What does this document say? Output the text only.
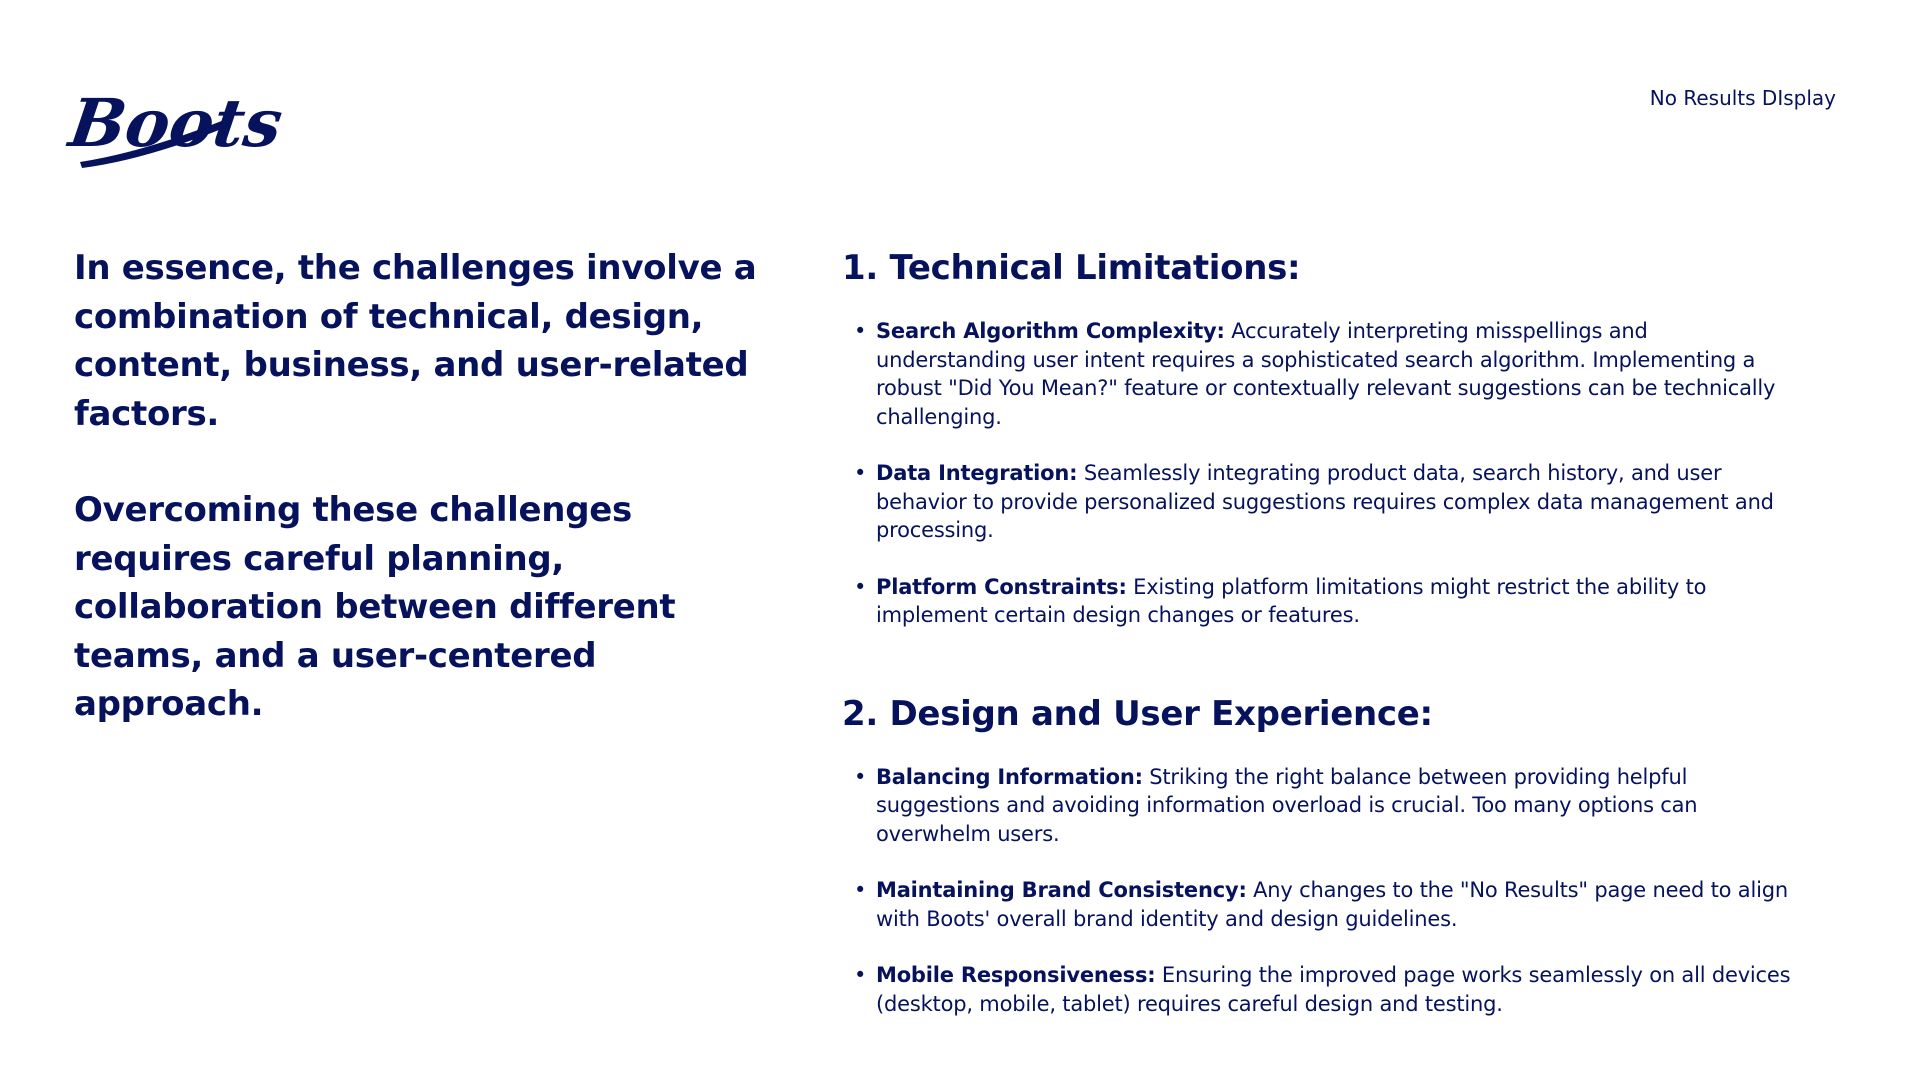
Boots	No Results DIsplay

In essence, the challenges involve a combination of technical, design, content, business, and user-related factors.

Overcoming these challenges requires careful planning, collaboration between different teams, and a user-centered approach.

1. Technical Limitations:
• Search Algorithm Complexity: Accurately interpreting misspellings and understanding user intent requires a sophisticated search algorithm. Implementing a robust "Did You Mean?" feature or contextually relevant suggestions can be technically challenging.
• Data Integration: Seamlessly integrating product data, search history, and user behavior to provide personalized suggestions requires complex data management and processing.
• Platform Constraints: Existing platform limitations might restrict the ability to implement certain design changes or features.
2. Design and User Experience:
• Balancing Information: Striking the right balance between providing helpful suggestions and avoiding information overload is crucial. Too many options can overwhelm users.
• Maintaining Brand Consistency: Any changes to the "No Results" page need to align with Boots' overall brand identity and design guidelines.
• Mobile Responsiveness: Ensuring the improved page works seamlessly on all devices (desktop, mobile, tablet) requires careful design and testing.
